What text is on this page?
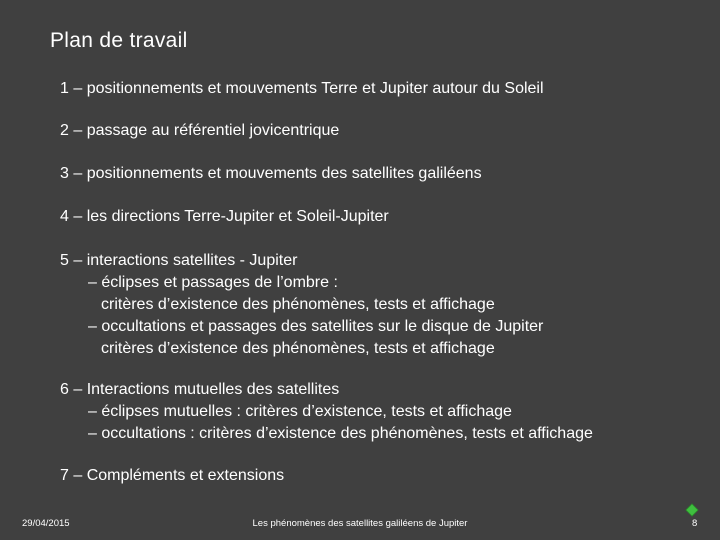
Plan de travail
1 – positionnements et mouvements Terre et Jupiter autour du Soleil
2 – passage au référentiel jovicentrique
3 – positionnements et mouvements des satellites galiléens
4 – les directions Terre-Jupiter et Soleil-Jupiter
5 – interactions satellites - Jupiter
– éclipses et passages de l’ombre :
critères d’existence des phénomènes, tests et affichage
– occultations et passages des satellites sur le disque de Jupiter
critères d’existence des phénomènes, tests et affichage
6 – Interactions mutuelles des satellites
– éclipses mutuelles : critères d’existence, tests et affichage
– occultations : critères d’existence des phénomènes, tests et affichage
7 – Compléments et extensions
29/04/2015	Les phénomènes des satellites galiléens de Jupiter	8
